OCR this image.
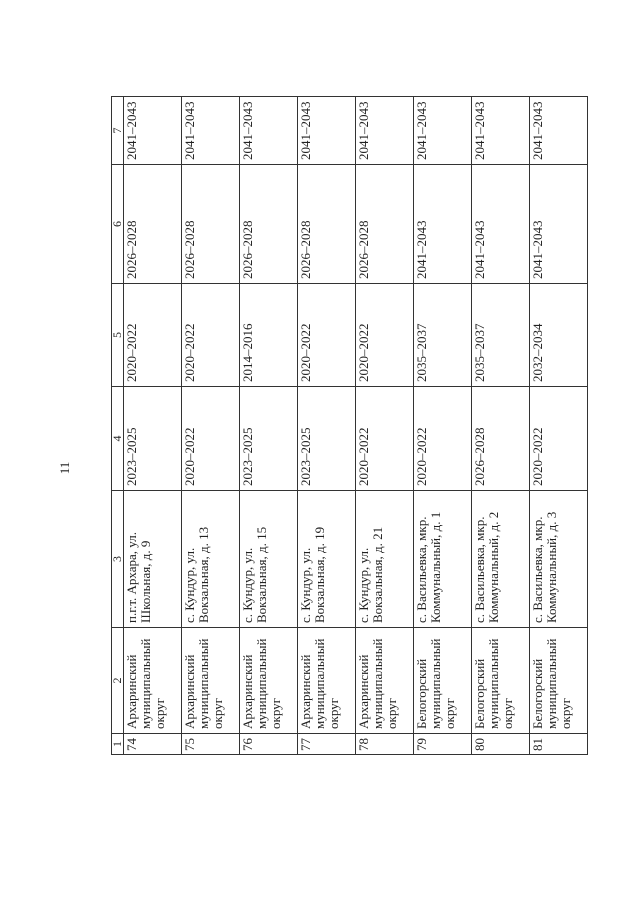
11
1	2	3	4	5	6	7
74	Архаринский муниципальный округ	п.г.т. Архара, ул. Школьная, д. 9	2023–2025	2020–2022	2026–2028	2041–2043
75	Архаринский муниципальный округ	с. Кундур, ул. Вокзальная, д. 13	2020–2022	2020–2022	2026–2028	2041–2043
76	Архаринский муниципальный округ	с. Кундур, ул. Вокзальная, д. 15	2023–2025	2014–2016	2026–2028	2041–2043
77	Архаринский муниципальный округ	с. Кундур, ул. Вокзальная, д. 19	2023–2025	2020–2022	2026–2028	2041–2043
78	Архаринский муниципальный округ	с. Кундур, ул. Вокзальная, д. 21	2020–2022	2020–2022	2026–2028	2041–2043
79	Белогорский муниципальный округ	с. Васильевка, мкр. Коммунальный, д. 1	2020–2022	2035–2037	2041–2043	2041–2043
80	Белогорский муниципальный округ	с. Васильевка, мкр. Коммунальный, д. 2	2026–2028	2035–2037	2041–2043	2041–2043
81	Белогорский муниципальный округ	с. Васильевка, мкр. Коммунальный, д. 3	2020–2022	2032–2034	2041–2043	2041–2043
